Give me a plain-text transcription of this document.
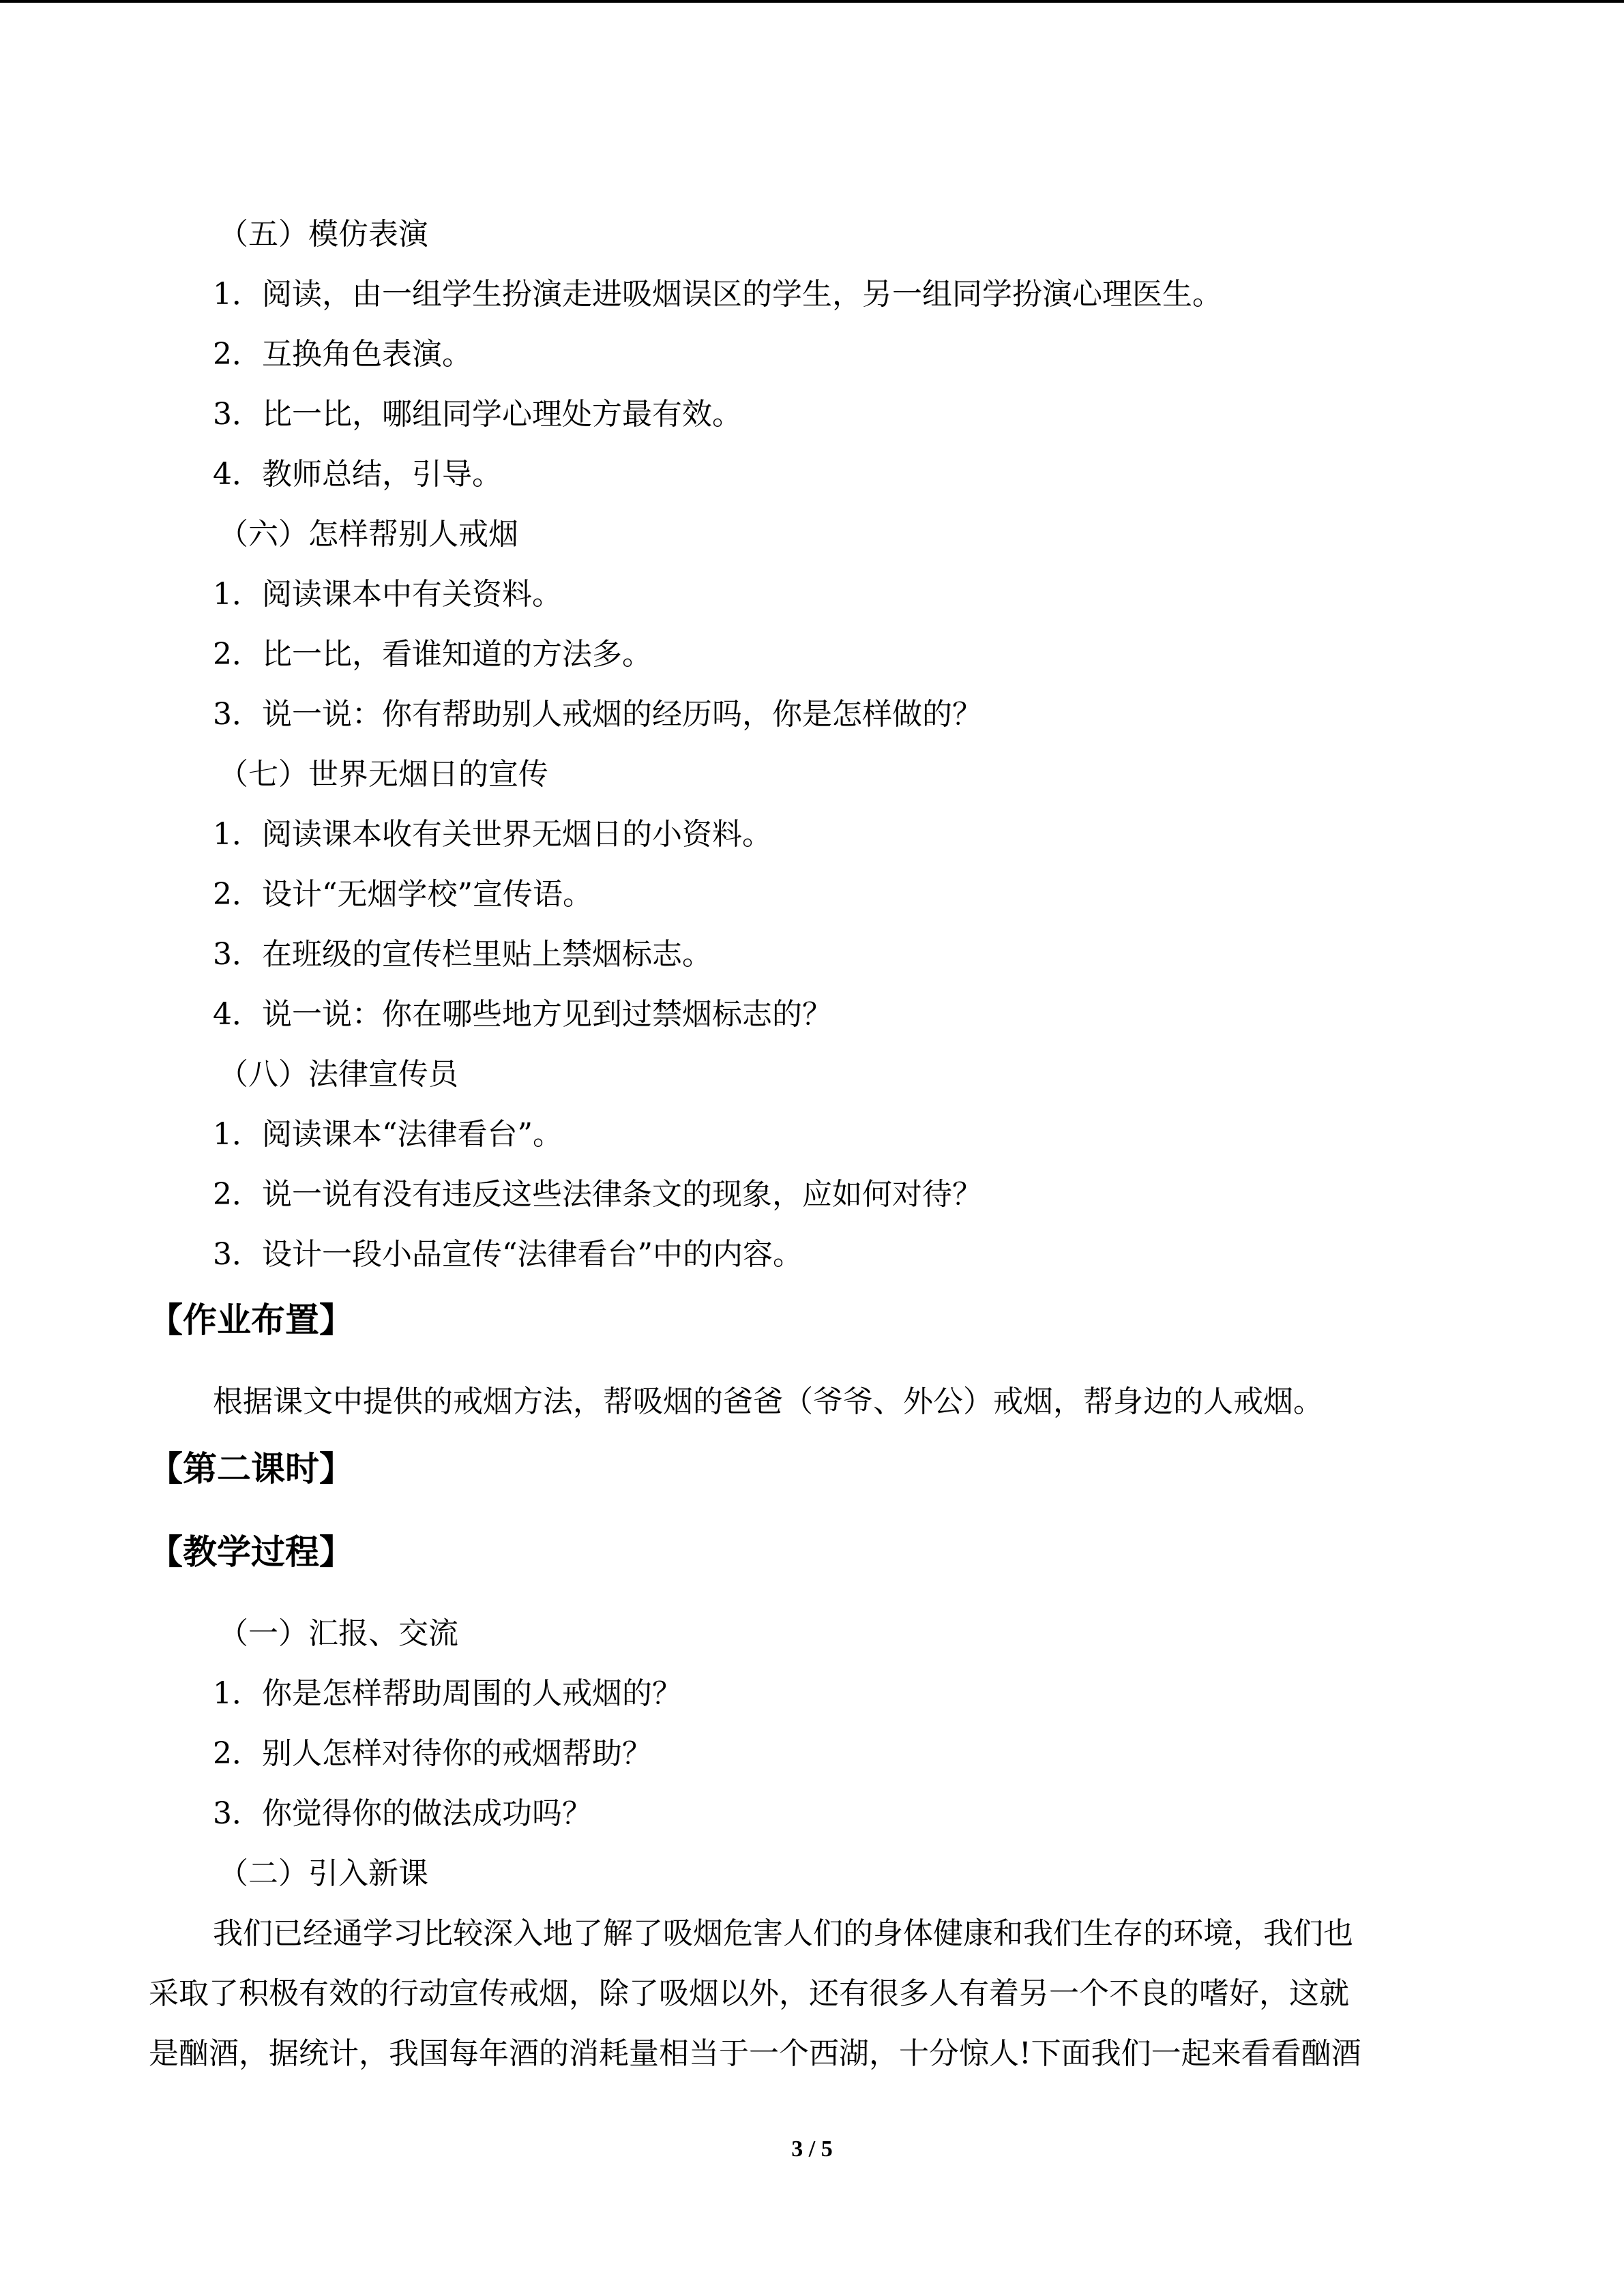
（五）模仿表演
1．阅读，由一组学生扮演走进吸烟误区的学生，另一组同学扮演心理医生。
2．互换角色表演。
3．比一比，哪组同学心理处方最有效。
4．教师总结，引导。
（六）怎样帮别人戒烟
1．阅读课本中有关资料。
2．比一比，看谁知道的方法多。
3．说一说：你有帮助别人戒烟的经历吗，你是怎样做的？
（七）世界无烟日的宣传
1．阅读课本收有关世界无烟日的小资料。
2．设计“无烟学校”宣传语。
3．在班级的宣传栏里贴上禁烟标志。
4．说一说：你在哪些地方见到过禁烟标志的？
（八）法律宣传员
1．阅读课本“法律看台”。
2．说一说有没有违反这些法律条文的现象，应如何对待？
3．设计一段小品宣传“法律看台”中的内容。
【作业布置】
根据课文中提供的戒烟方法，帮吸烟的爸爸（爷爷、外公）戒烟，帮身边的人戒烟。
【第二课时】
【教学过程】
（一）汇报、交流
1．你是怎样帮助周围的人戒烟的？
2．别人怎样对待你的戒烟帮助？
3．你觉得你的做法成功吗？
（二）引入新课
我们已经通学习比较深入地了解了吸烟危害人们的身体健康和我们生存的环境，我们也
采取了积极有效的行动宣传戒烟，除了吸烟以外，还有很多人有着另一个不良的嗜好，这就
是酗酒，据统计，我国每年酒的消耗量相当于一个西湖，十分惊人!下面我们一起来看看酗酒
3 / 5
